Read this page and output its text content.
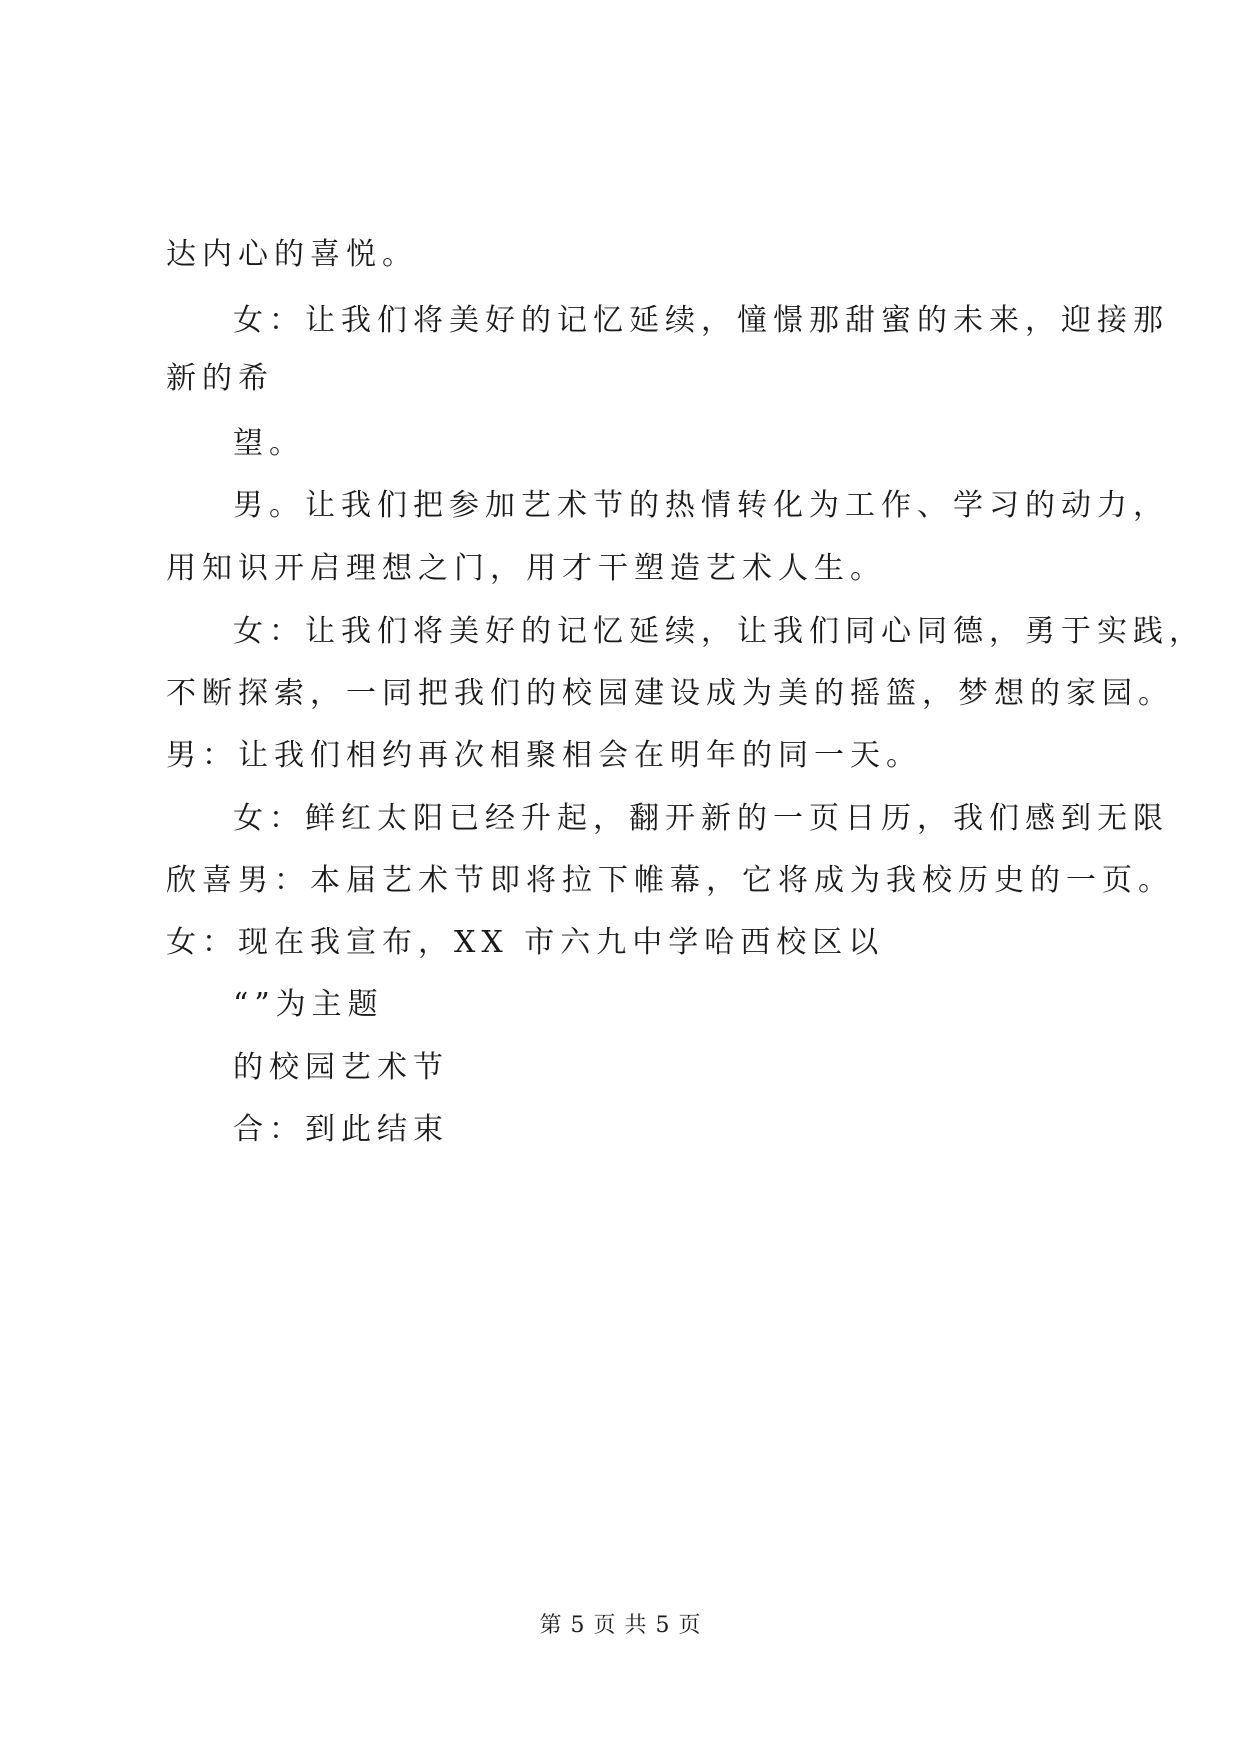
达内心的喜悦。
女：让我们将美好的记忆延续，憧憬那甜蜜的未来，迎接那
新的希
望。
男。让我们把参加艺术节的热情转化为工作、学习的动力，
用知识开启理想之门，用才干塑造艺术人生。
女：让我们将美好的记忆延续，让我们同心同德，勇于实践，
不断探索，一同把我们的校园建设成为美的摇篮，梦想的家园。
男：让我们相约再次相聚相会在明年的同一天。
女：鲜红太阳已经升起，翻开新的一页日历，我们感到无限
欣喜男：本届艺术节即将拉下帷幕，它将成为我校历史的一页。
女：现在我宣布，XX 市六九中学哈西校区以
“”为主题
的校园艺术节
合：到此结束
第 5 页 共 5 页
